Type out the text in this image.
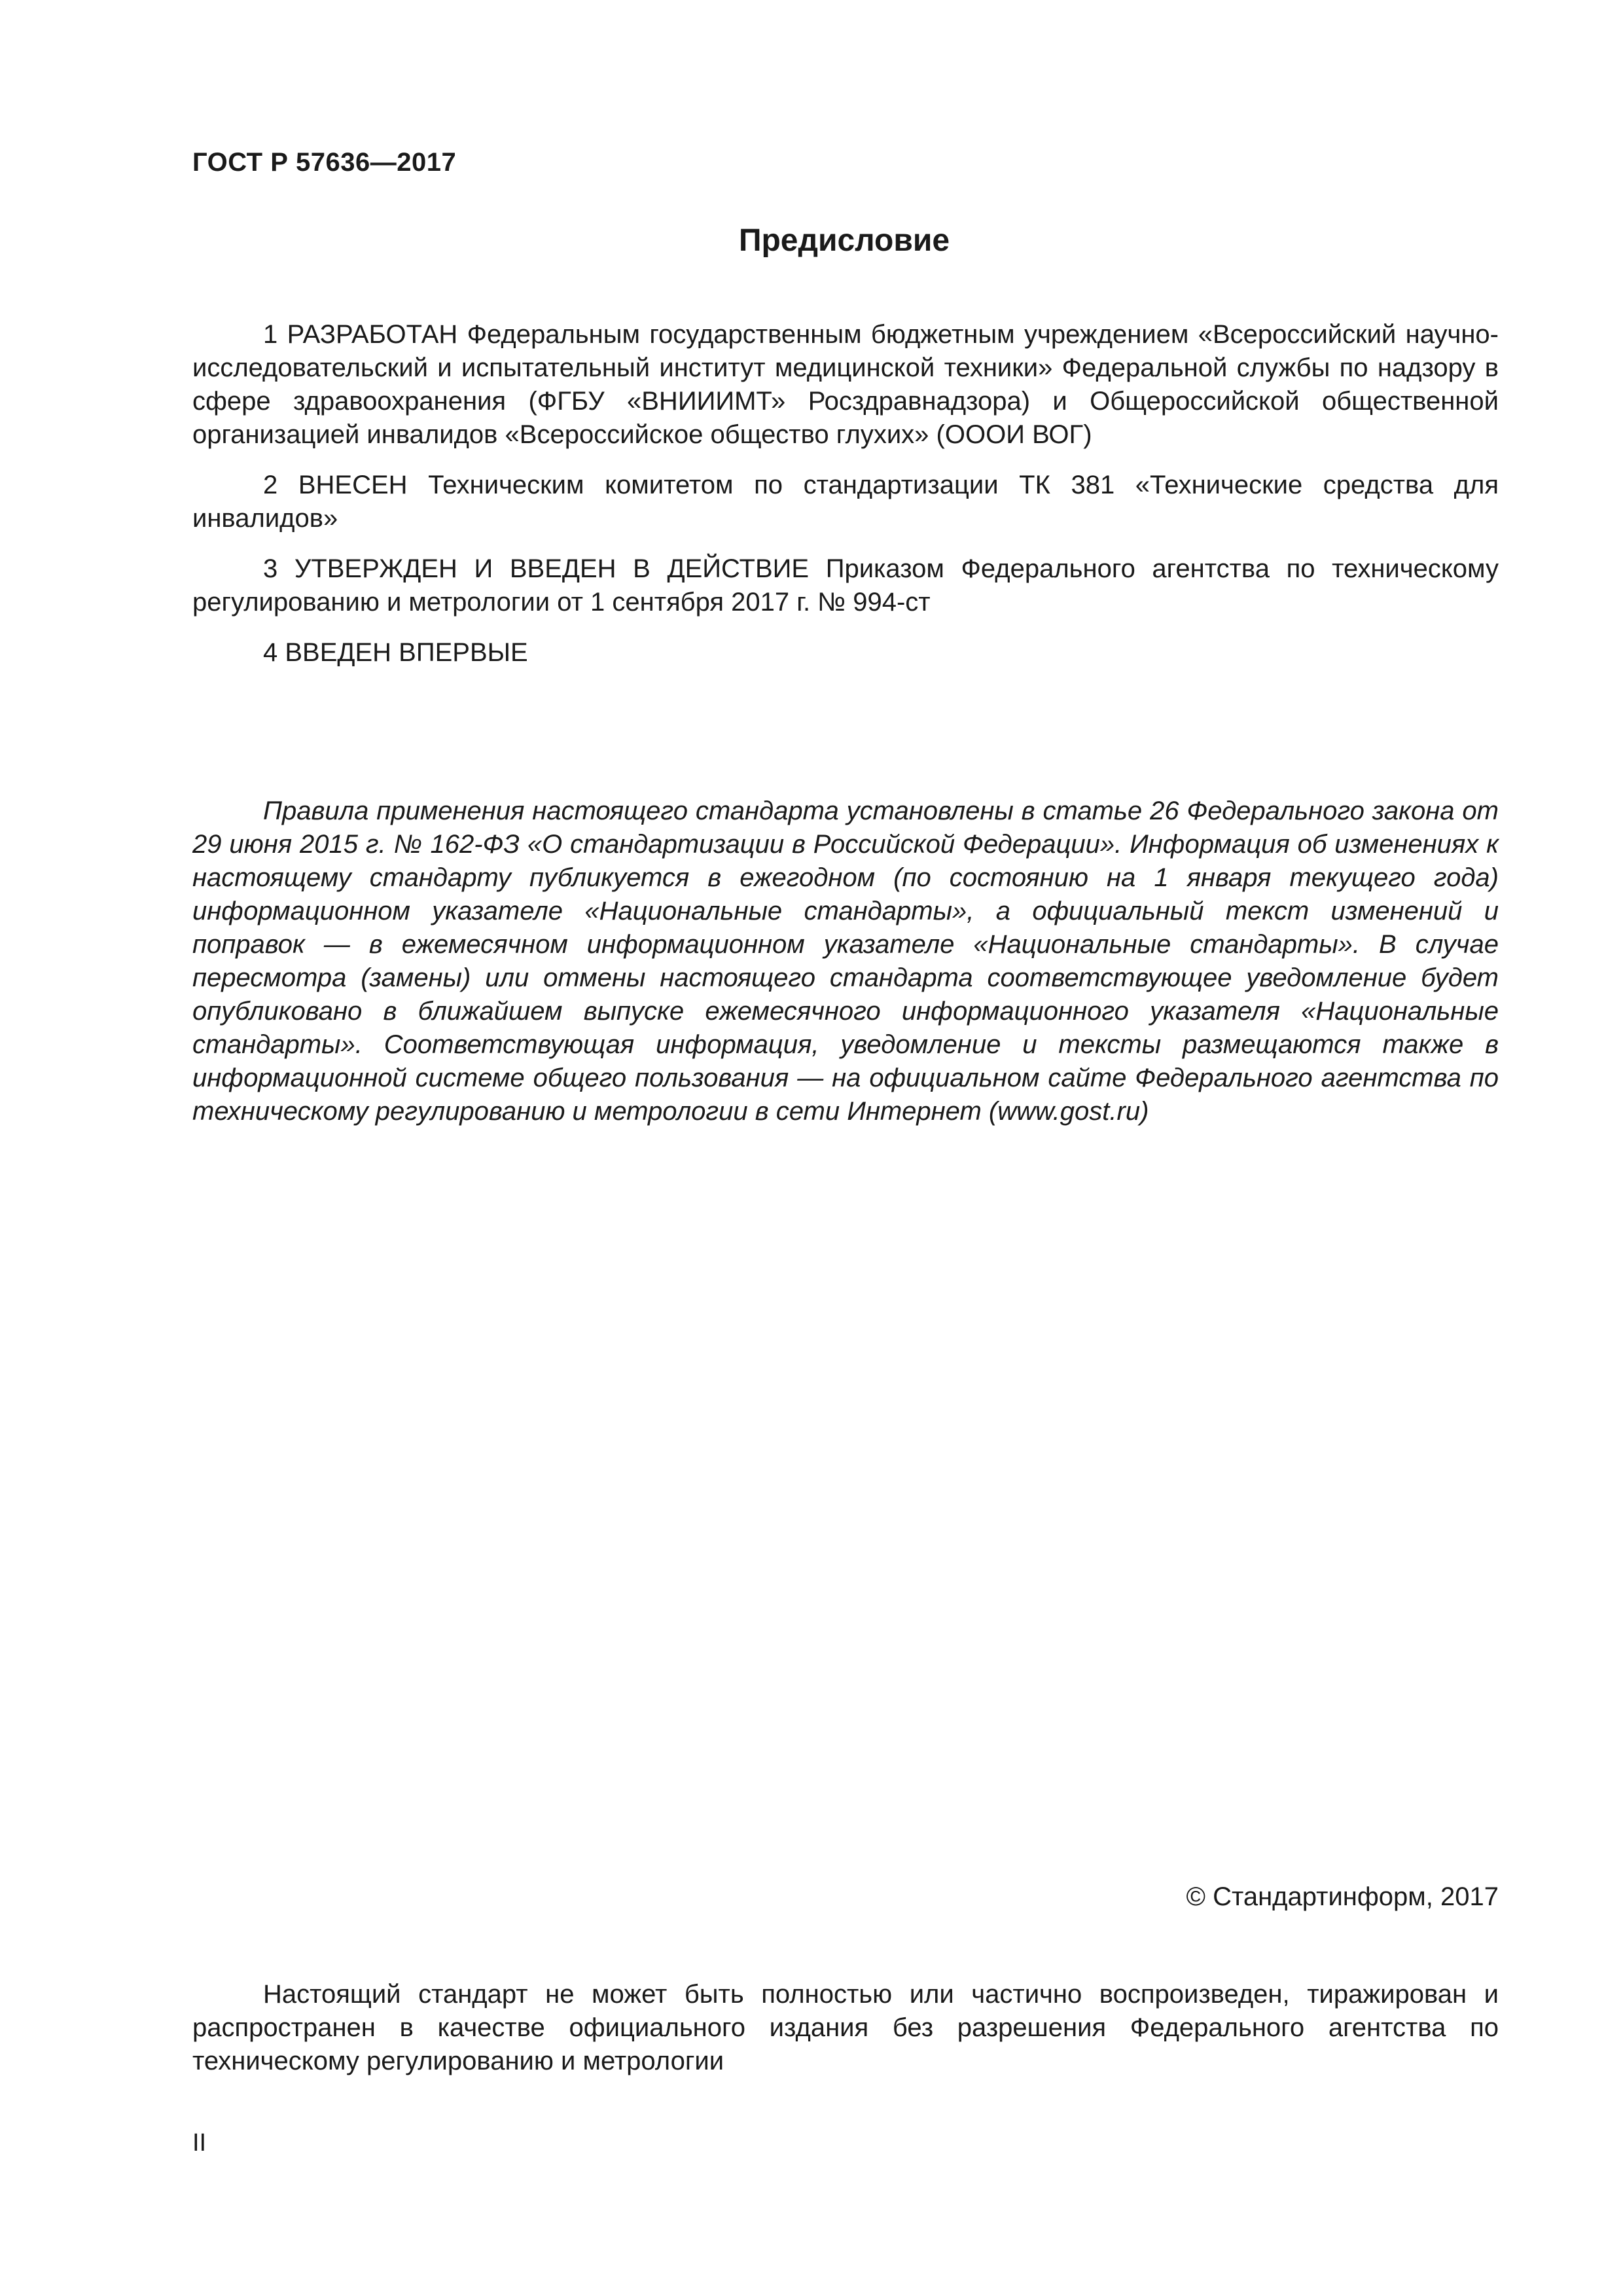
ГОСТ Р 57636—2017
Предисловие

1 РАЗРАБОТАН Федеральным государственным бюджетным учреждением «Всероссийский научно-исследовательский и испытательный институт медицинской техники» Федеральной службы по надзору в сфере здравоохранения (ФГБУ «ВНИИИМТ» Росздравнадзора) и Общероссийской общественной организацией инвалидов «Всероссийское общество глухих» (ОООИ ВОГ)

2 ВНЕСЕН Техническим комитетом по стандартизации ТК 381 «Технические средства для инвалидов»

3 УТВЕРЖДЕН И ВВЕДЕН В ДЕЙСТВИЕ Приказом Федерального агентства по техническому регулированию и метрологии от 1 сентября 2017 г. № 994-ст

4 ВВЕДЕН ВПЕРВЫЕ

Правила применения настоящего стандарта установлены в статье 26 Федерального закона от 29 июня 2015 г. № 162-ФЗ «О стандартизации в Российской Федерации». Информация об изменениях к настоящему стандарту публикуется в ежегодном (по состоянию на 1 января текущего года) информационном указателе «Национальные стандарты», а официальный текст изменений и поправок — в ежемесячном информационном указателе «Национальные стандарты». В случае пересмотра (замены) или отмены настоящего стандарта соответствующее уведомление будет опубликовано в ближайшем выпуске ежемесячного информационного указателя «Национальные стандарты». Соответствующая информация, уведомление и тексты размещаются также в информационной системе общего пользования — на официальном сайте Федерального агентства по техническому регулированию и метрологии в сети Интернет (www.gost.ru)

© Стандартинформ, 2017

Настоящий стандарт не может быть полностью или частично воспроизведен, тиражирован и распространен в качестве официального издания без разрешения Федерального агентства по техническому регулированию и метрологии

II
